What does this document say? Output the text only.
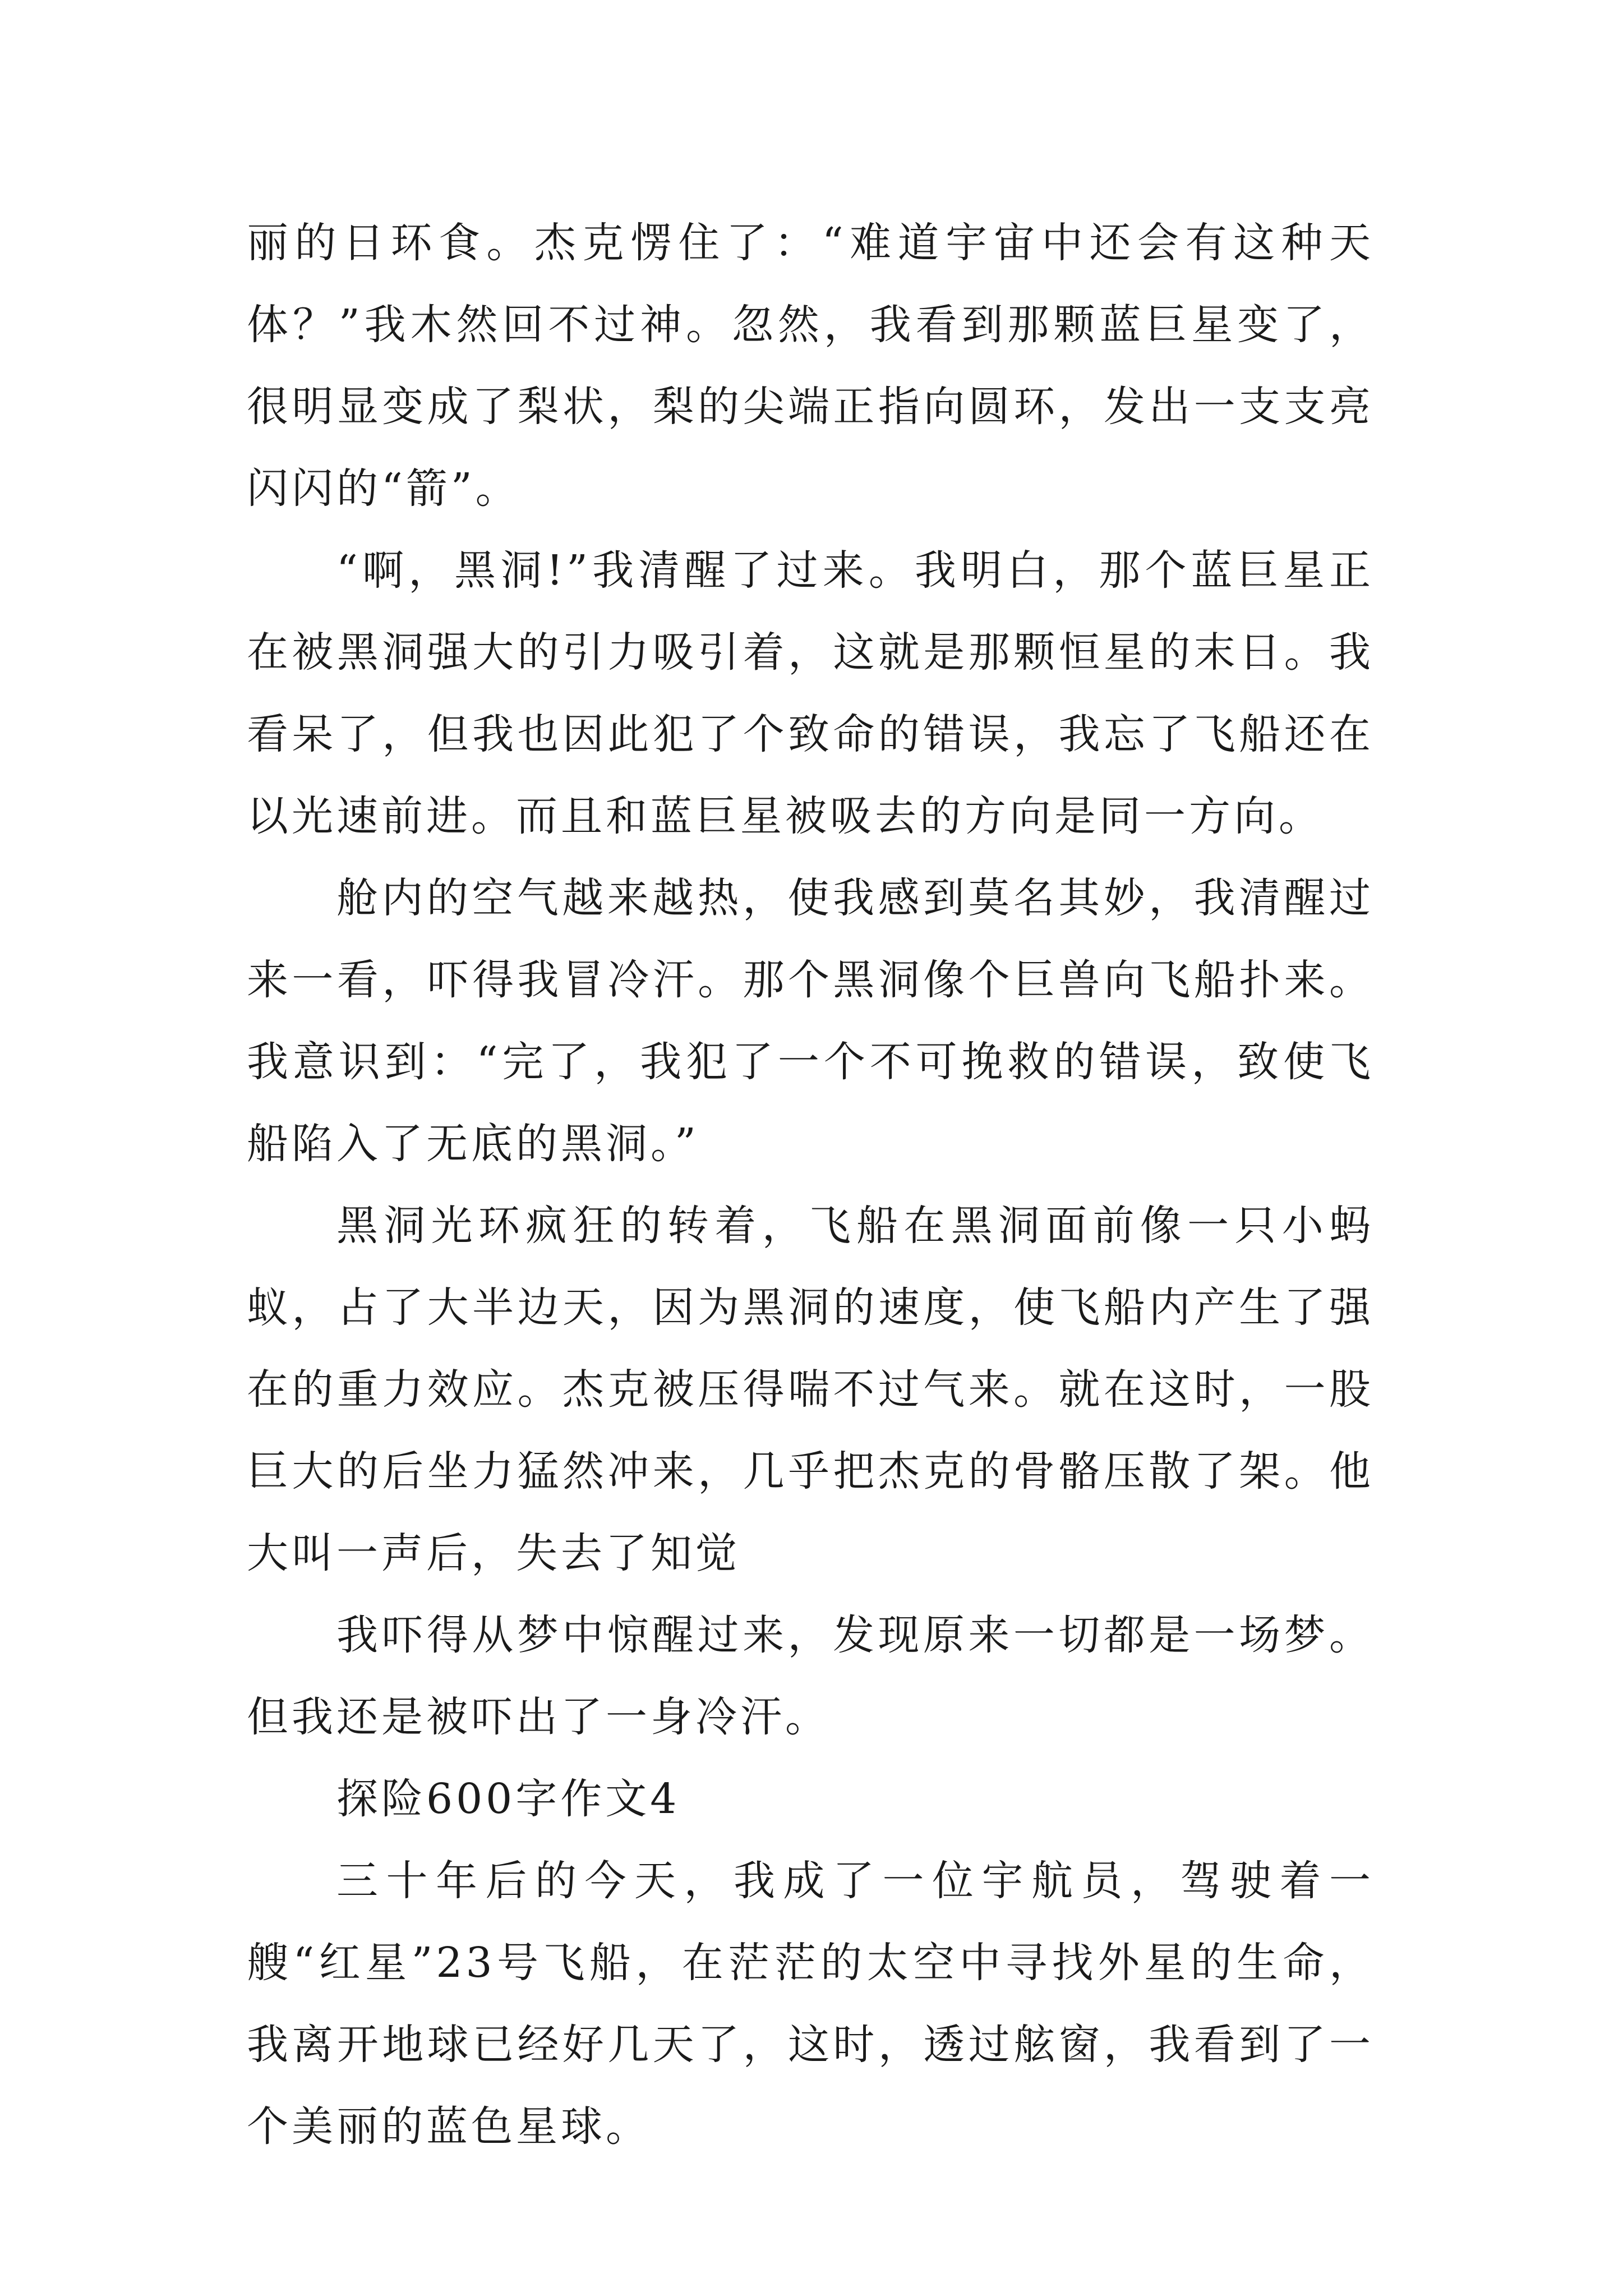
丽的日环食。杰克愣住了：“难道宇宙中还会有这种天体？”我木然回不过神。忽然，我看到那颗蓝巨星变了，很明显变成了梨状，梨的尖端正指向圆环，发出一支支亮闪闪的“箭”。

“啊，黑洞!”我清醒了过来。我明白，那个蓝巨星正在被黑洞强大的引力吸引着，这就是那颗恒星的末日。我看呆了，但我也因此犯了个致命的错误，我忘了飞船还在以光速前进。而且和蓝巨星被吸去的方向是同一方向。

舱内的空气越来越热，使我感到莫名其妙，我清醒过来一看，吓得我冒冷汗。那个黑洞像个巨兽向飞船扑来。我意识到：“完了，我犯了一个不可挽救的错误，致使飞船陷入了无底的黑洞。”

黑洞光环疯狂的转着，飞船在黑洞面前像一只小蚂蚁，占了大半边天，因为黑洞的速度，使飞船内产生了强在的重力效应。杰克被压得喘不过气来。就在这时，一股巨大的后坐力猛然冲来，几乎把杰克的骨骼压散了架。他大叫一声后，失去了知觉

我吓得从梦中惊醒过来，发现原来一切都是一场梦。但我还是被吓出了一身冷汗。

探险600字作文4

三十年后的今天，我成了一位宇航员，驾驶着一艘“红星”23号飞船，在茫茫的太空中寻找外星的生命，我离开地球已经好几天了，这时，透过舷窗，我看到了一个美丽的蓝色星球。
